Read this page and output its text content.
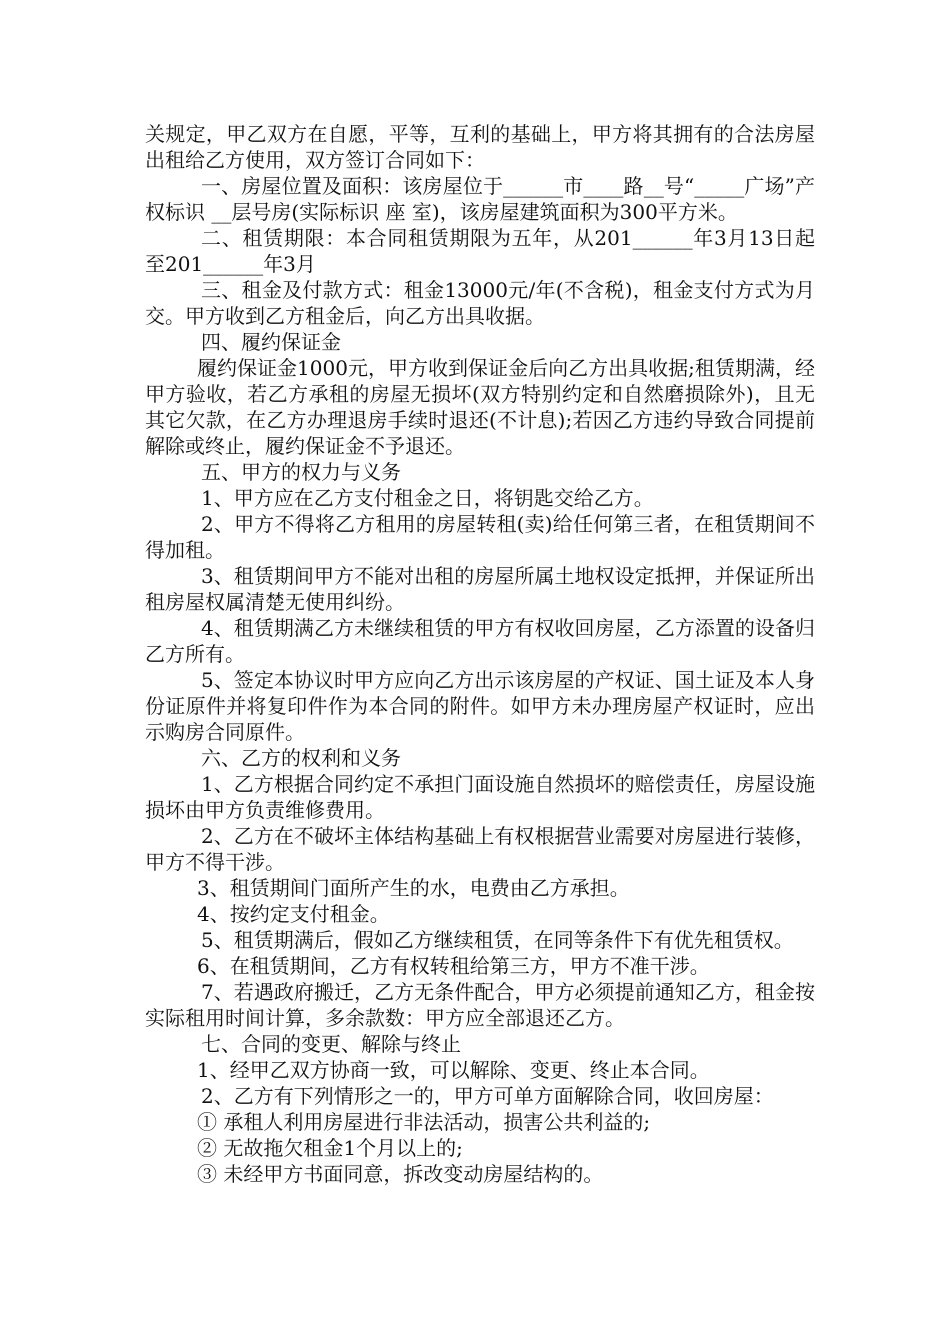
关规定，甲乙双方在自愿，平等，互利的基础上，甲方将其拥有的合法房屋出租给乙方使用，双方签订合同如下：

一、房屋位置及面积：该房屋位于______市____路__号“_____广场”产权标识 __层号房(实际标识 座 室)，该房屋建筑面积为300平方米。

二、租赁期限：本合同租赁期限为五年，从201______年3月13日起至201______年3月

三、租金及付款方式：租金13000元/年(不含税)，租金支付方式为月交。甲方收到乙方租金后，向乙方出具收据。

四、履约保证金

履约保证金1000元，甲方收到保证金后向乙方出具收据;租赁期满，经甲方验收，若乙方承租的房屋无损坏(双方特别约定和自然磨损除外)，且无其它欠款，在乙方办理退房手续时退还(不计息);若因乙方违约导致合同提前解除或终止，履约保证金不予退还。

五、甲方的权力与义务

1、甲方应在乙方支付租金之日，将钥匙交给乙方。

2、甲方不得将乙方租用的房屋转租(卖)给任何第三者，在租赁期间不得加租。

3、租赁期间甲方不能对出租的房屋所属土地权设定抵押，并保证所出租房屋权属清楚无使用纠纷。

4、租赁期满乙方未继续租赁的甲方有权收回房屋，乙方添置的设备归乙方所有。

5、签定本协议时甲方应向乙方出示该房屋的产权证、国土证及本人身份证原件并将复印件作为本合同的附件。如甲方未办理房屋产权证时，应出示购房合同原件。

六、乙方的权利和义务

1、乙方根据合同约定不承担门面设施自然损坏的赔偿责任，房屋设施损坏由甲方负责维修费用。

2、乙方在不破坏主体结构基础上有权根据营业需要对房屋进行装修，甲方不得干涉。

3、租赁期间门面所产生的水，电费由乙方承担。

4、按约定支付租金。

5、租赁期满后，假如乙方继续租赁，在同等条件下有优先租赁权。

6、在租赁期间，乙方有权转租给第三方，甲方不准干涉。

7、若遇政府搬迁，乙方无条件配合，甲方必须提前通知乙方，租金按实际租用时间计算，多余款数：甲方应全部退还乙方。

七、合同的变更、解除与终止

1、经甲乙双方协商一致，可以解除、变更、终止本合同。

2、乙方有下列情形之一的，甲方可单方面解除合同，收回房屋：

① 承租人利用房屋进行非法活动，损害公共利益的;

② 无故拖欠租金1个月以上的;

③ 未经甲方书面同意，拆改变动房屋结构的。
